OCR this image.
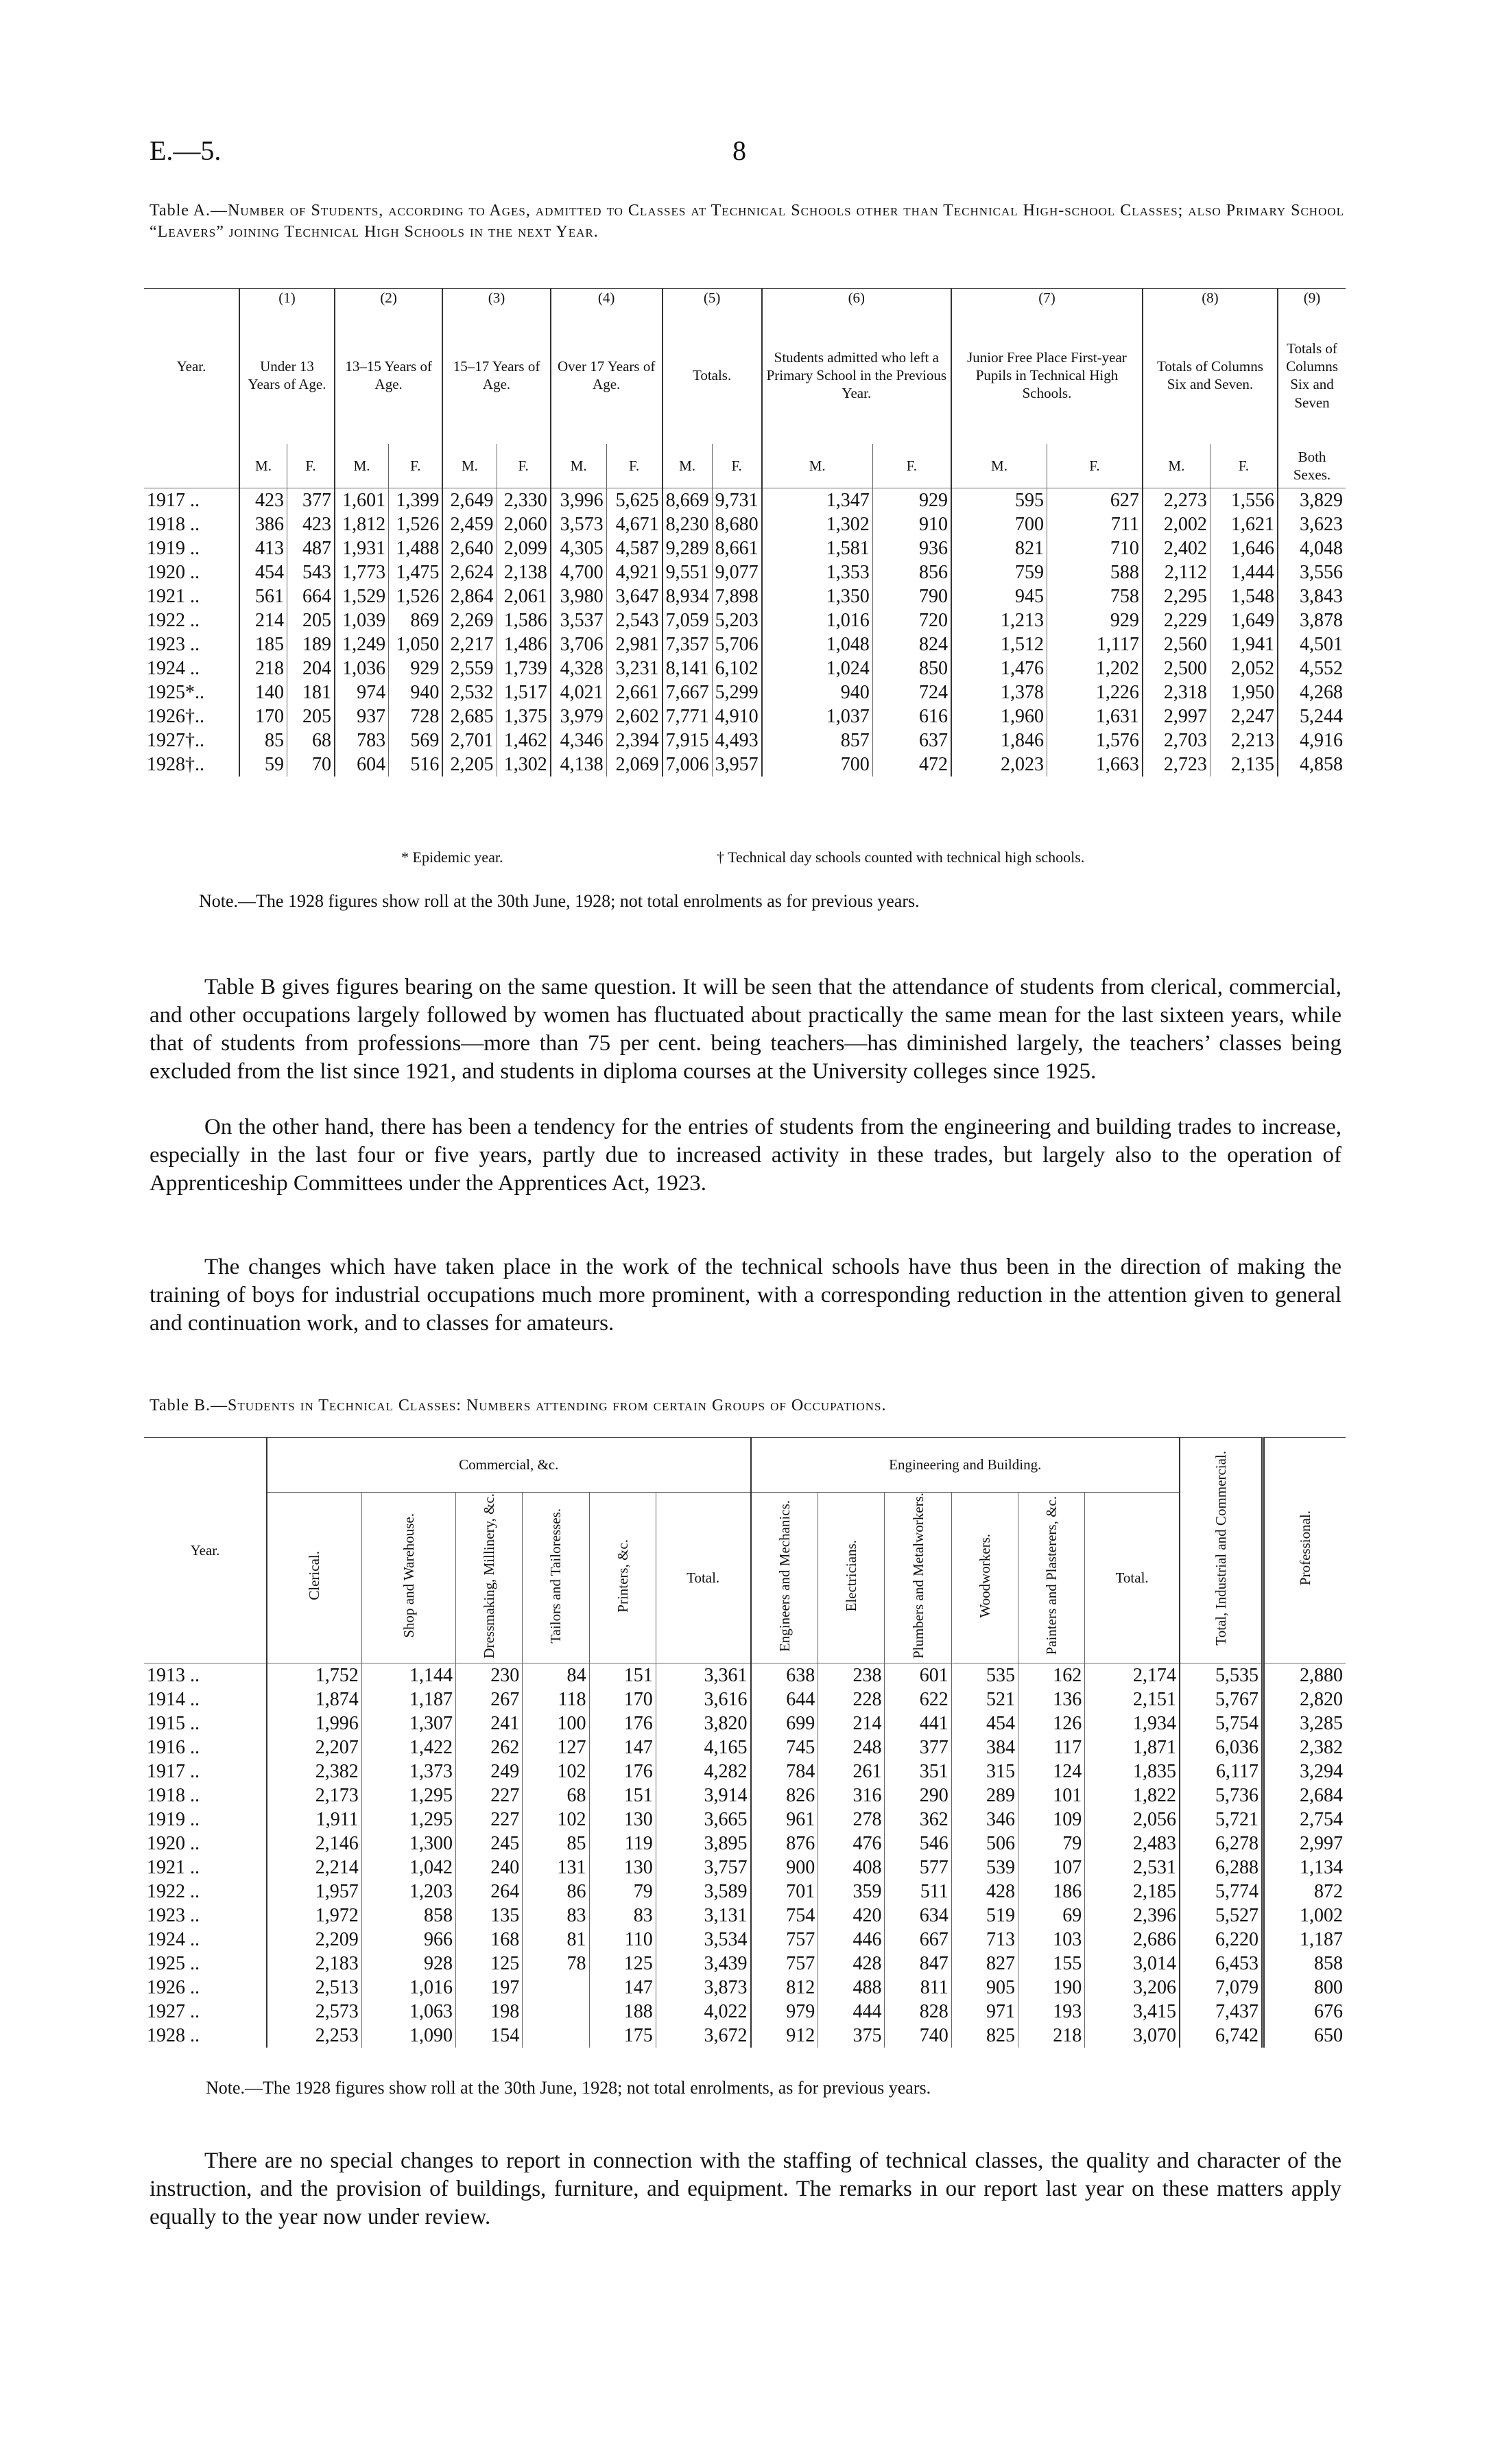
E.—5.	8
Table A.—Number of Students, according to Ages, admitted to Classes at Technical Schools other than Technical High-school Classes; also Primary School “Leavers” joining Technical High Schools in the next Year.
Year.	(1)		(2)		(3)		(4)		(5)		(6)		(7)		(8)		(9)
	Under 13 Years of Age.		13–15 Years of Age.		15–17 Years of Age.		Over 17 Years of Age.		Totals.		Students admitted who left a Primary School in the Previous Year.		Junior Free Place First-year Pupils in Technical High Schools.		Totals of Columns Six and Seven.		Totals of Columns Six and Seven
	M.	F.	M.	F.	M.	F.	M.	F.	M.	F.	M.	F.	M.	F.	M.	F.	Both Sexes.
1917 ..	423	377	1,601	1,399	2,649	2,330	3,996	5,625	8,669	9,731	1,347	929	595	627	2,273	1,556	3,829
1918 ..	386	423	1,812	1,526	2,459	2,060	3,573	4,671	8,230	8,680	1,302	910	700	711	2,002	1,621	3,623
1919 ..	413	487	1,931	1,488	2,640	2,099	4,305	4,587	9,289	8,661	1,581	936	821	710	2,402	1,646	4,048
1920 ..	454	543	1,773	1,475	2,624	2,138	4,700	4,921	9,551	9,077	1,353	856	759	588	2,112	1,444	3,556
1921 ..	561	664	1,529	1,526	2,864	2,061	3,980	3,647	8,934	7,898	1,350	790	945	758	2,295	1,548	3,843
1922 ..	214	205	1,039	869	2,269	1,586	3,537	2,543	7,059	5,203	1,016	720	1,213	929	2,229	1,649	3,878
1923 ..	185	189	1,249	1,050	2,217	1,486	3,706	2,981	7,357	5,706	1,048	824	1,512	1,117	2,560	1,941	4,501
1924 ..	218	204	1,036	929	2,559	1,739	4,328	3,231	8,141	6,102	1,024	850	1,476	1,202	2,500	2,052	4,552
1925*..	140	181	974	940	2,532	1,517	4,021	2,661	7,667	5,299	940	724	1,378	1,226	2,318	1,950	4,268
1926†..	170	205	937	728	2,685	1,375	3,979	2,602	7,771	4,910	1,037	616	1,960	1,631	2,997	2,247	5,244
1927†..	85	68	783	569	2,701	1,462	4,346	2,394	7,915	4,493	857	637	1,846	1,576	2,703	2,213	4,916
1928†..	59	70	604	516	2,205	1,302	4,138	2,069	7,006	3,957	700	472	2,023	1,663	2,723	2,135	4,858
* Epidemic year.	† Technical day schools counted with technical high schools.
Note.—The 1928 figures show roll at the 30th June, 1928; not total enrolments as for previous years.

Table B gives figures bearing on the same question. It will be seen that the attendance of students from clerical, commercial, and other occupations largely followed by women has fluctuated about practically the same mean for the last sixteen years, while that of students from professions—more than 75 per cent. being teachers—has diminished largely, the teachers’ classes being excluded from the list since 1921, and students in diploma courses at the University colleges since 1925.

On the other hand, there has been a tendency for the entries of students from the engineering and building trades to increase, especially in the last four or five years, partly due to increased activity in these trades, but largely also to the operation of Apprenticeship Committees under the Apprentices Act, 1923.

The changes which have taken place in the work of the technical schools have thus been in the direction of making the training of boys for industrial occupations much more prominent, with a corresponding reduction in the attention given to general and continuation work, and to classes for amateurs.

Table B.—Students in Technical Classes: Numbers attending from certain Groups of Occupations.
Year.	Commercial, &c.						Engineering and Building.						Total, Industrial and Commercial.	Professional.
	Clerical.	Shop and Warehouse.	Dressmaking, Millinery, &c.	Tailors and Tailoresses.	Printers, &c.	Total.	Engineers and Mechanics.	Electricians.	Plumbers and Metalworkers.	Woodworkers.	Painters and Plasterers, &c.	Total.		
1913 ..	1,752	1,144	230	84	151	3,361	638	238	601	535	162	2,174	5,535	2,880
1914 ..	1,874	1,187	267	118	170	3,616	644	228	622	521	136	2,151	5,767	2,820
1915 ..	1,996	1,307	241	100	176	3,820	699	214	441	454	126	1,934	5,754	3,285
1916 ..	2,207	1,422	262	127	147	4,165	745	248	377	384	117	1,871	6,036	2,382
1917 ..	2,382	1,373	249	102	176	4,282	784	261	351	315	124	1,835	6,117	3,294
1918 ..	2,173	1,295	227	68	151	3,914	826	316	290	289	101	1,822	5,736	2,684
1919 ..	1,911	1,295	227	102	130	3,665	961	278	362	346	109	2,056	5,721	2,754
1920 ..	2,146	1,300	245	85	119	3,895	876	476	546	506	79	2,483	6,278	2,997
1921 ..	2,214	1,042	240	131	130	3,757	900	408	577	539	107	2,531	6,288	1,134
1922 ..	1,957	1,203	264	86	79	3,589	701	359	511	428	186	2,185	5,774	872
1923 ..	1,972	858	135	83	83	3,131	754	420	634	519	69	2,396	5,527	1,002
1924 ..	2,209	966	168	81	110	3,534	757	446	667	713	103	2,686	6,220	1,187
1925 ..	2,183	928	125	78	125	3,439	757	428	847	827	155	3,014	6,453	858
1926 ..	2,513	1,016	197		147	3,873	812	488	811	905	190	3,206	7,079	800
1927 ..	2,573	1,063	198		188	4,022	979	444	828	971	193	3,415	7,437	676
1928 ..	2,253	1,090	154		175	3,672	912	375	740	825	218	3,070	6,742	650
Note.—The 1928 figures show roll at the 30th June, 1928; not total enrolments, as for previous years.

There are no special changes to report in connection with the staffing of technical classes, the quality and character of the instruction, and the provision of buildings, furniture, and equipment. The remarks in our report last year on these matters apply equally to the year now under review.
